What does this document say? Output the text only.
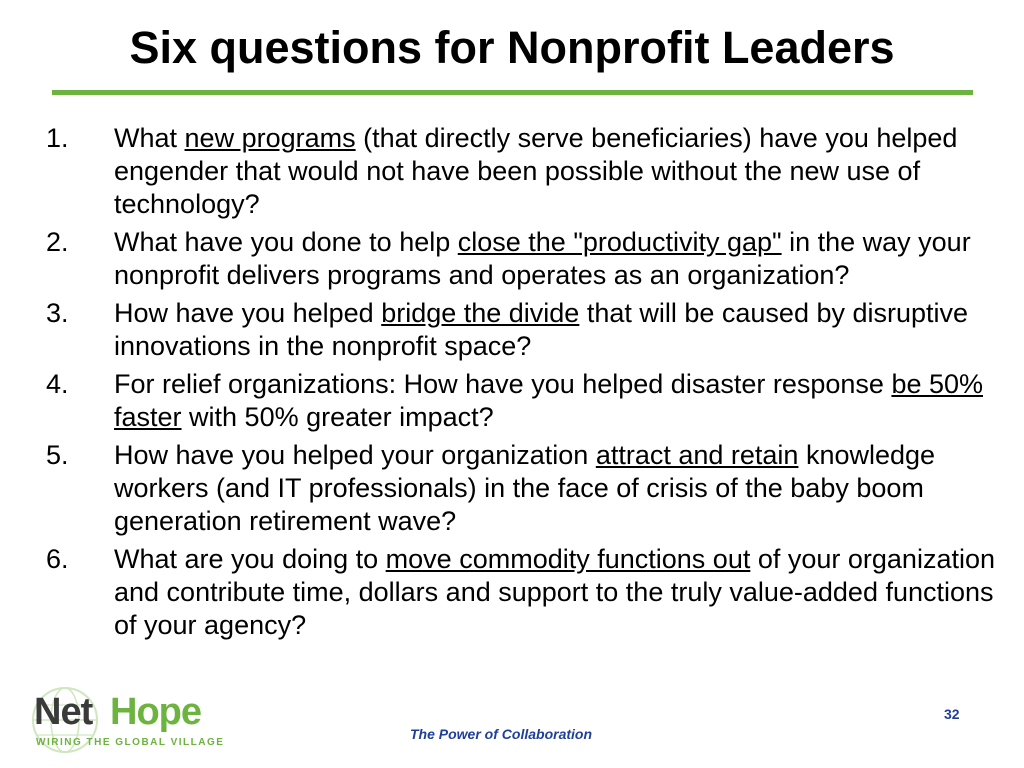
Six questions for Nonprofit Leaders
1. What new programs (that directly serve beneficiaries) have you helped engender that would not have been possible without the new use of technology?
2. What have you done to help close the "productivity gap" in the way your nonprofit delivers programs and operates as an organization?
3. How have you helped bridge the divide that will be caused by disruptive innovations in the nonprofit space?
4. For relief organizations: How have you helped disaster response be 50% faster with 50% greater impact?
5. How have you helped your organization attract and retain knowledge workers (and IT professionals) in the face of crisis of the baby boom generation retirement wave?
6. What are you doing to move commodity functions out of your organization and contribute time, dollars and support to the truly value-added functions of your agency?
Net Hope
WIRING THE GLOBAL VILLAGE
The Power of Collaboration
32
